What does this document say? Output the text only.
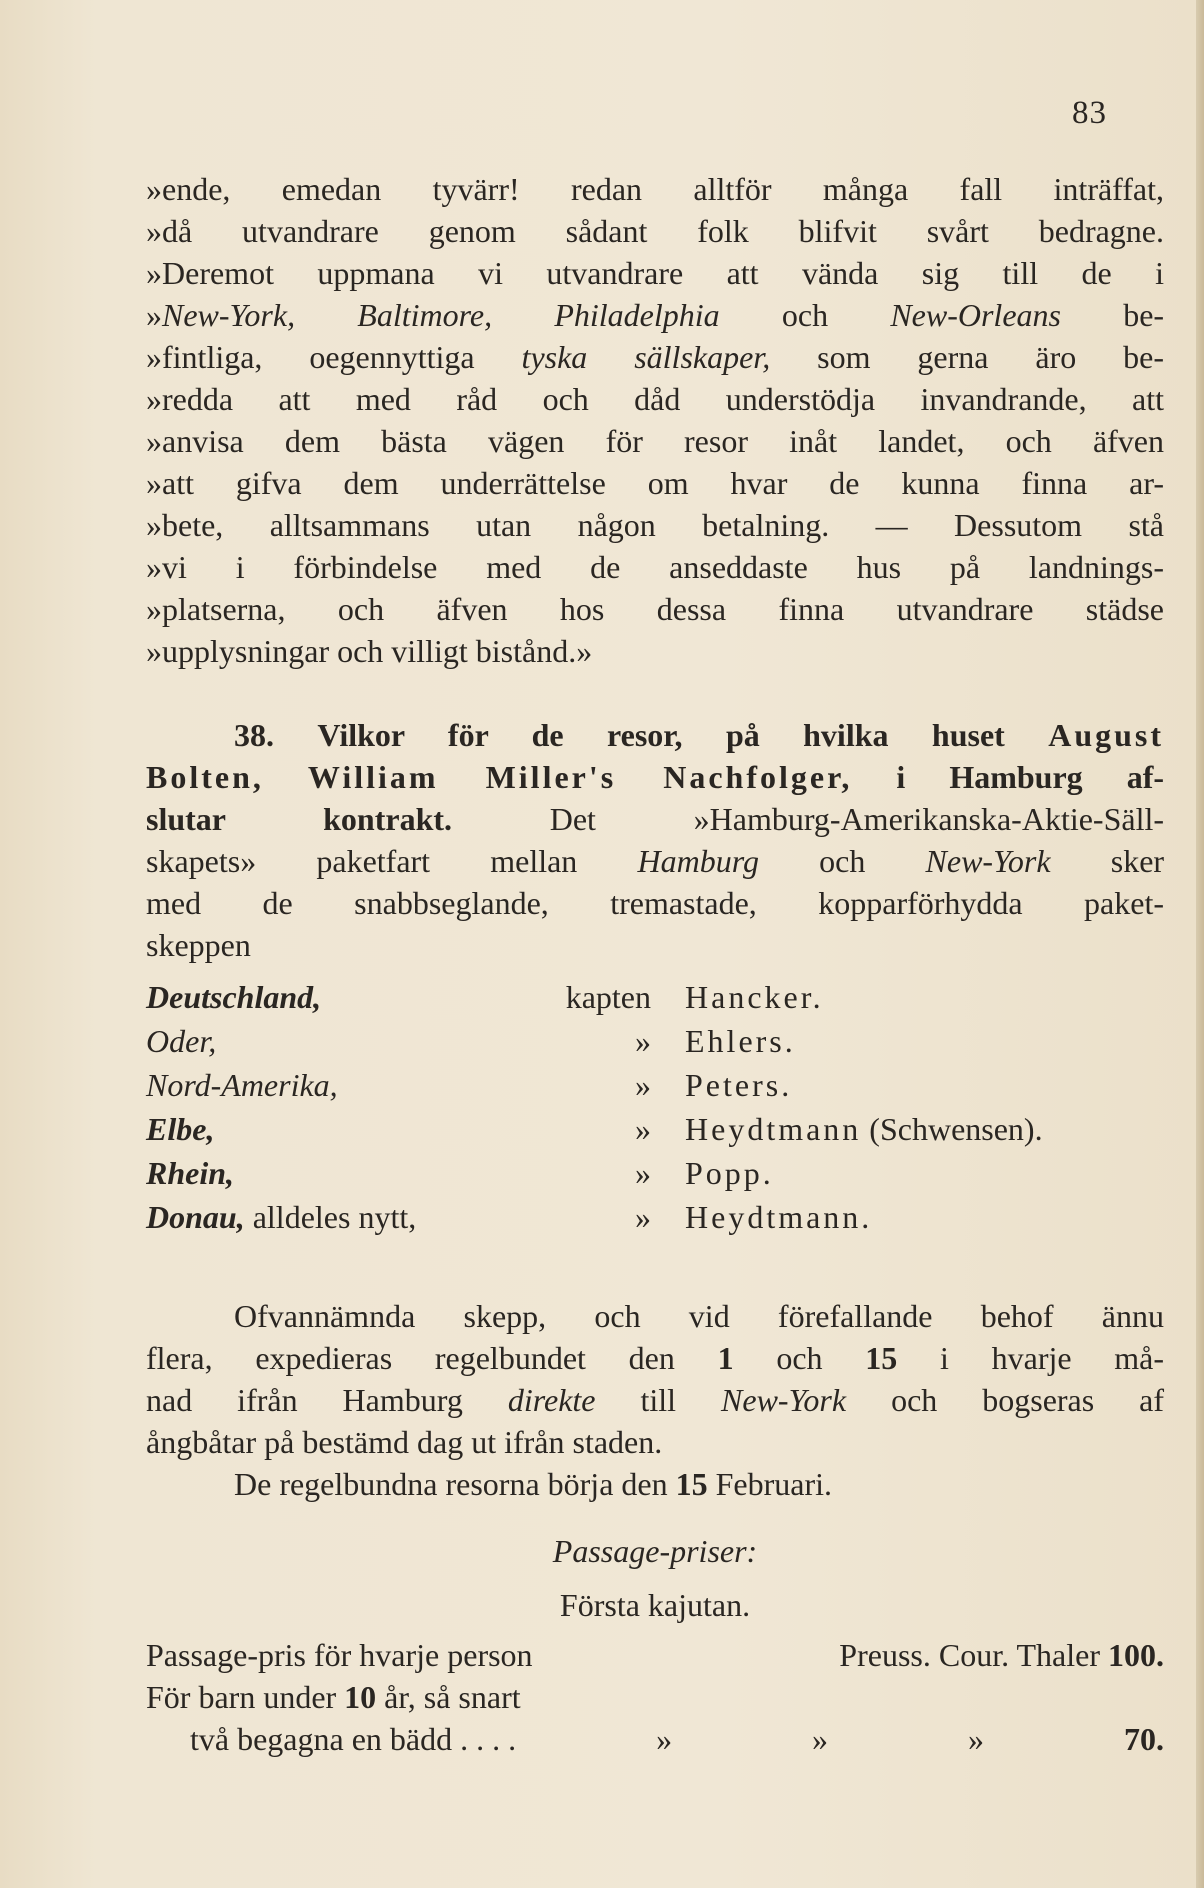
83
»ende, emedan tyvärr! redan alltför många fall inträffat,
»då utvandrare genom sådant folk blifvit svårt bedragne.
»Deremot uppmana vi utvandrare att vända sig till de i
»New-York, Baltimore, Philadelphia och New-Orleans be-
»fintliga, oegennyttiga tyska sällskaper, som gerna äro be-
»redda att med råd och dåd understödja invandrande, att
»anvisa dem bästa vägen för resor inåt landet, och äfven
»att gifva dem underrättelse om hvar de kunna finna ar-
»bete, alltsammans utan någon betalning. — Dessutom stå
»vi i förbindelse med de anseddaste hus på landnings-
»platserna, och äfven hos dessa finna utvandrare städse
»upplysningar och villigt bistånd.»
38. Vilkor för de resor, på hvilka huset August
Bolten, William Miller's Nachfolger, i Hamburg af-
slutar kontrakt.	Det »Hamburg-Amerikanska-Aktie-Säll-
skapets» paketfart mellan Hamburg och New-York sker
med de snabbseglande, tremastade, kopparförhydda paket-
skeppen
Deutschland,	kapten	Hancker.
Oder,	»	Ehlers.
Nord-Amerika,	»	Peters.
Elbe,	»	Heydtmann (Schwensen).
Rhein,	»	Popp.
Donau, alldeles nytt,	»	Heydtmann.
Ofvannämnda skepp, och vid förefallande behof ännu
flera, expedieras regelbundet den 1 och 15 i hvarje må-
nad ifrån Hamburg direkte till New-York och bogseras af
ångbåtar på bestämd dag ut ifrån staden.
De regelbundna resorna börja den 15 Februari.
Passage-priser:
Första kajutan.
Passage-pris för hvarje person	Preuss. Cour. Thaler 100.
För barn under 10 år, så snart
två begagna en bädd . . . .	»	»	»	70.
